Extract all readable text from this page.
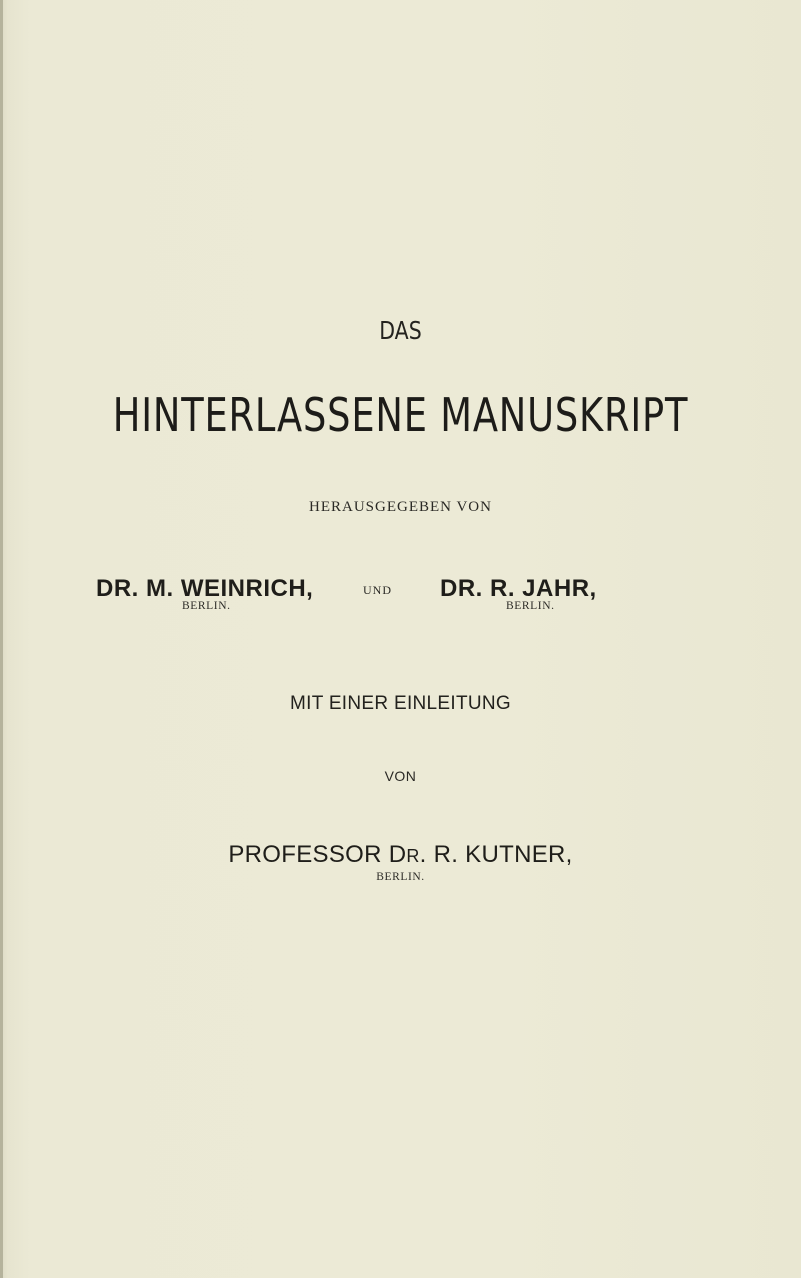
DAS
HINTERLASSENE MANUSKRIPT
HERAUSGEGEBEN VON
DR. M. WEINRICH,	UND DR. R. JAHR,
BERLIN.	BERLIN.
MIT EINER EINLEITUNG
VON
PROFESSOR DR. R. KUTNER,
BERLIN.
